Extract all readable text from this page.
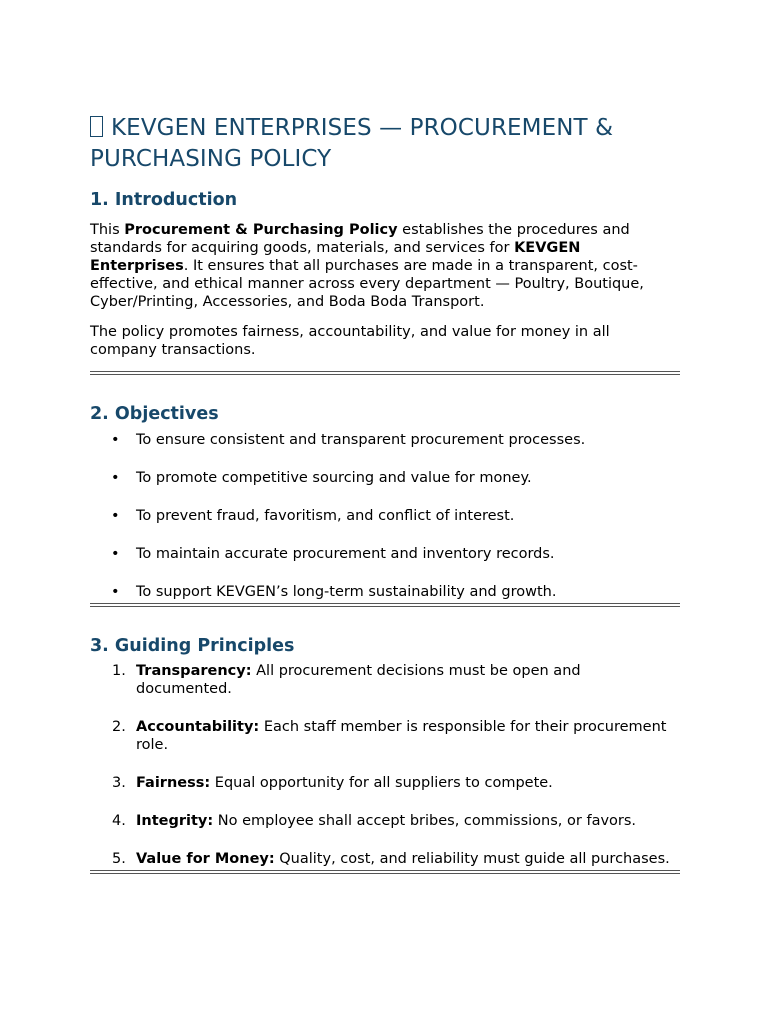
KEVGEN ENTERPRISES — PROCUREMENT & PURCHASING POLICY
1. Introduction

This Procurement & Purchasing Policy establishes the procedures and standards for acquiring goods, materials, and services for KEVGEN Enterprises. It ensures that all purchases are made in a transparent, cost-effective, and ethical manner across every department — Poultry, Boutique, Cyber/Printing, Accessories, and Boda Boda Transport.

The policy promotes fairness, accountability, and value for money in all company transactions.

2. Objectives
• To ensure consistent and transparent procurement processes.
• To promote competitive sourcing and value for money.
• To prevent fraud, favoritism, and conflict of interest.
• To maintain accurate procurement and inventory records.
• To support KEVGEN’s long-term sustainability and growth.
3. Guiding Principles
1. Transparency: All procurement decisions must be open and documented.
2. Accountability: Each staff member is responsible for their procurement role.
3. Fairness: Equal opportunity for all suppliers to compete.
4. Integrity: No employee shall accept bribes, commissions, or favors.
5. Value for Money: Quality, cost, and reliability must guide all purchases.
